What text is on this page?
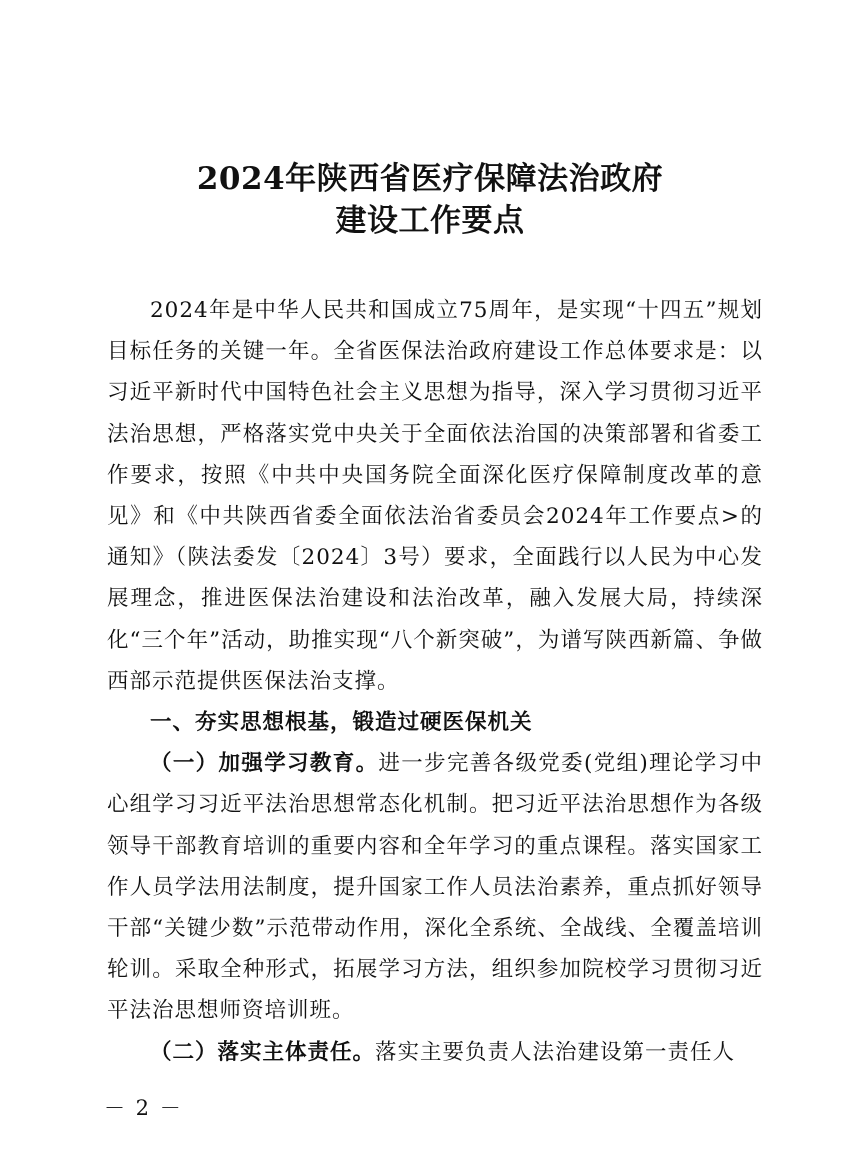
2024年陕西省医疗保障法治政府
建设工作要点

2024年是中华人民共和国成立75周年，是实现“十四五”规划目标任务的关键一年。全省医保法治政府建设工作总体要求是：以习近平新时代中国特色社会主义思想为指导，深入学习贯彻习近平法治思想，严格落实党中央关于全面依法治国的决策部署和省委工作要求，按照《中共中央国务院全面深化医疗保障制度改革的意见》和《中共陕西省委全面依法治省委员会2024年工作要点>的通知》（陕法委发〔2024〕3号）要求，全面践行以人民为中心发展理念，推进医保法治建设和法治改革，融入发展大局，持续深化“三个年”活动，助推实现“八个新突破”，为谱写陕西新篇、争做西部示范提供医保法治支撑。

一、夯实思想根基，锻造过硬医保机关

（一）加强学习教育。进一步完善各级党委(党组)理论学习中心组学习习近平法治思想常态化机制。把习近平法治思想作为各级领导干部教育培训的重要内容和全年学习的重点课程。落实国家工作人员学法用法制度，提升国家工作人员法治素养，重点抓好领导干部“关键少数”示范带动作用，深化全系统、全战线、全覆盖培训轮训。采取全种形式，拓展学习方法，组织参加院校学习贯彻习近平法治思想师资培训班。

（二）落实主体责任。落实主要负责人法治建设第一责任人

－ 2 －
